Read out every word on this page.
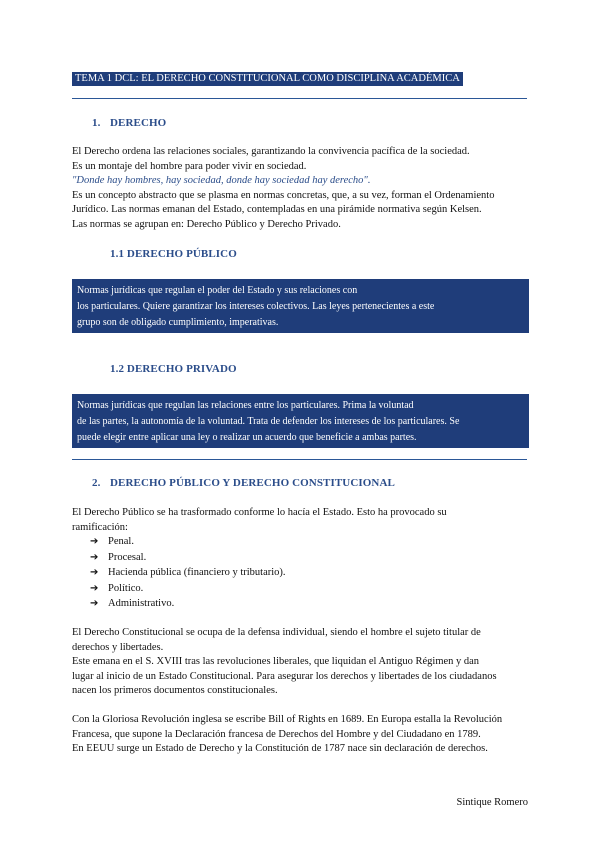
TEMA 1 DCL: EL DERECHO CONSTITUCIONAL COMO DISCIPLINA ACADÉMICA
1. DERECHO
El Derecho ordena las relaciones sociales, garantizando la convivencia pacífica de la sociedad.
Es un montaje del hombre para poder vivir en sociedad.
"Donde hay hombres, hay sociedad, donde hay sociedad hay derecho".
Es un concepto abstracto que se plasma en normas concretas, que, a su vez, forman el Ordenamiento
Jurídico. Las normas emanan del Estado, contempladas en una pirámide normativa según Kelsen.
Las normas se agrupan en: Derecho Público y Derecho Privado.
1.1 DERECHO PÚBLICO
Normas jurídicas que regulan el poder del Estado y sus relaciones con
los particulares. Quiere garantizar los intereses colectivos. Las leyes pertenecientes a este
grupo son de obligado cumplimiento, imperativas.
1.2 DERECHO PRIVADO
Normas jurídicas que regulan las relaciones entre los particulares. Prima la voluntad
de las partes, la autonomía de la voluntad. Trata de defender los intereses de los particulares. Se
puede elegir entre aplicar una ley o realizar un acuerdo que beneficie a ambas partes.
2. DERECHO PÚBLICO Y DERECHO CONSTITUCIONAL
El Derecho Público se ha trasformado conforme lo hacía el Estado. Esto ha provocado su
ramificación:
➔ Penal.
➔ Procesal.
➔ Hacienda pública (financiero y tributario).
➔ Político.
➔ Administrativo.
El Derecho Constitucional se ocupa de la defensa individual, siendo el hombre el sujeto titular de
derechos y libertades.
Este emana en el S. XVIII tras las revoluciones liberales, que liquidan el Antiguo Régimen y dan
lugar al inicio de un Estado Constitucional. Para asegurar los derechos y libertades de los ciudadanos
nacen los primeros documentos constitucionales.
Con la Gloriosa Revolución inglesa se escribe Bill of Rights en 1689. En Europa estalla la Revolución
Francesa, que supone la Declaración francesa de Derechos del Hombre y del Ciudadano en 1789.
En EEUU surge un Estado de Derecho y la Constitución de 1787 nace sin declaración de derechos.
Sintique Romero
